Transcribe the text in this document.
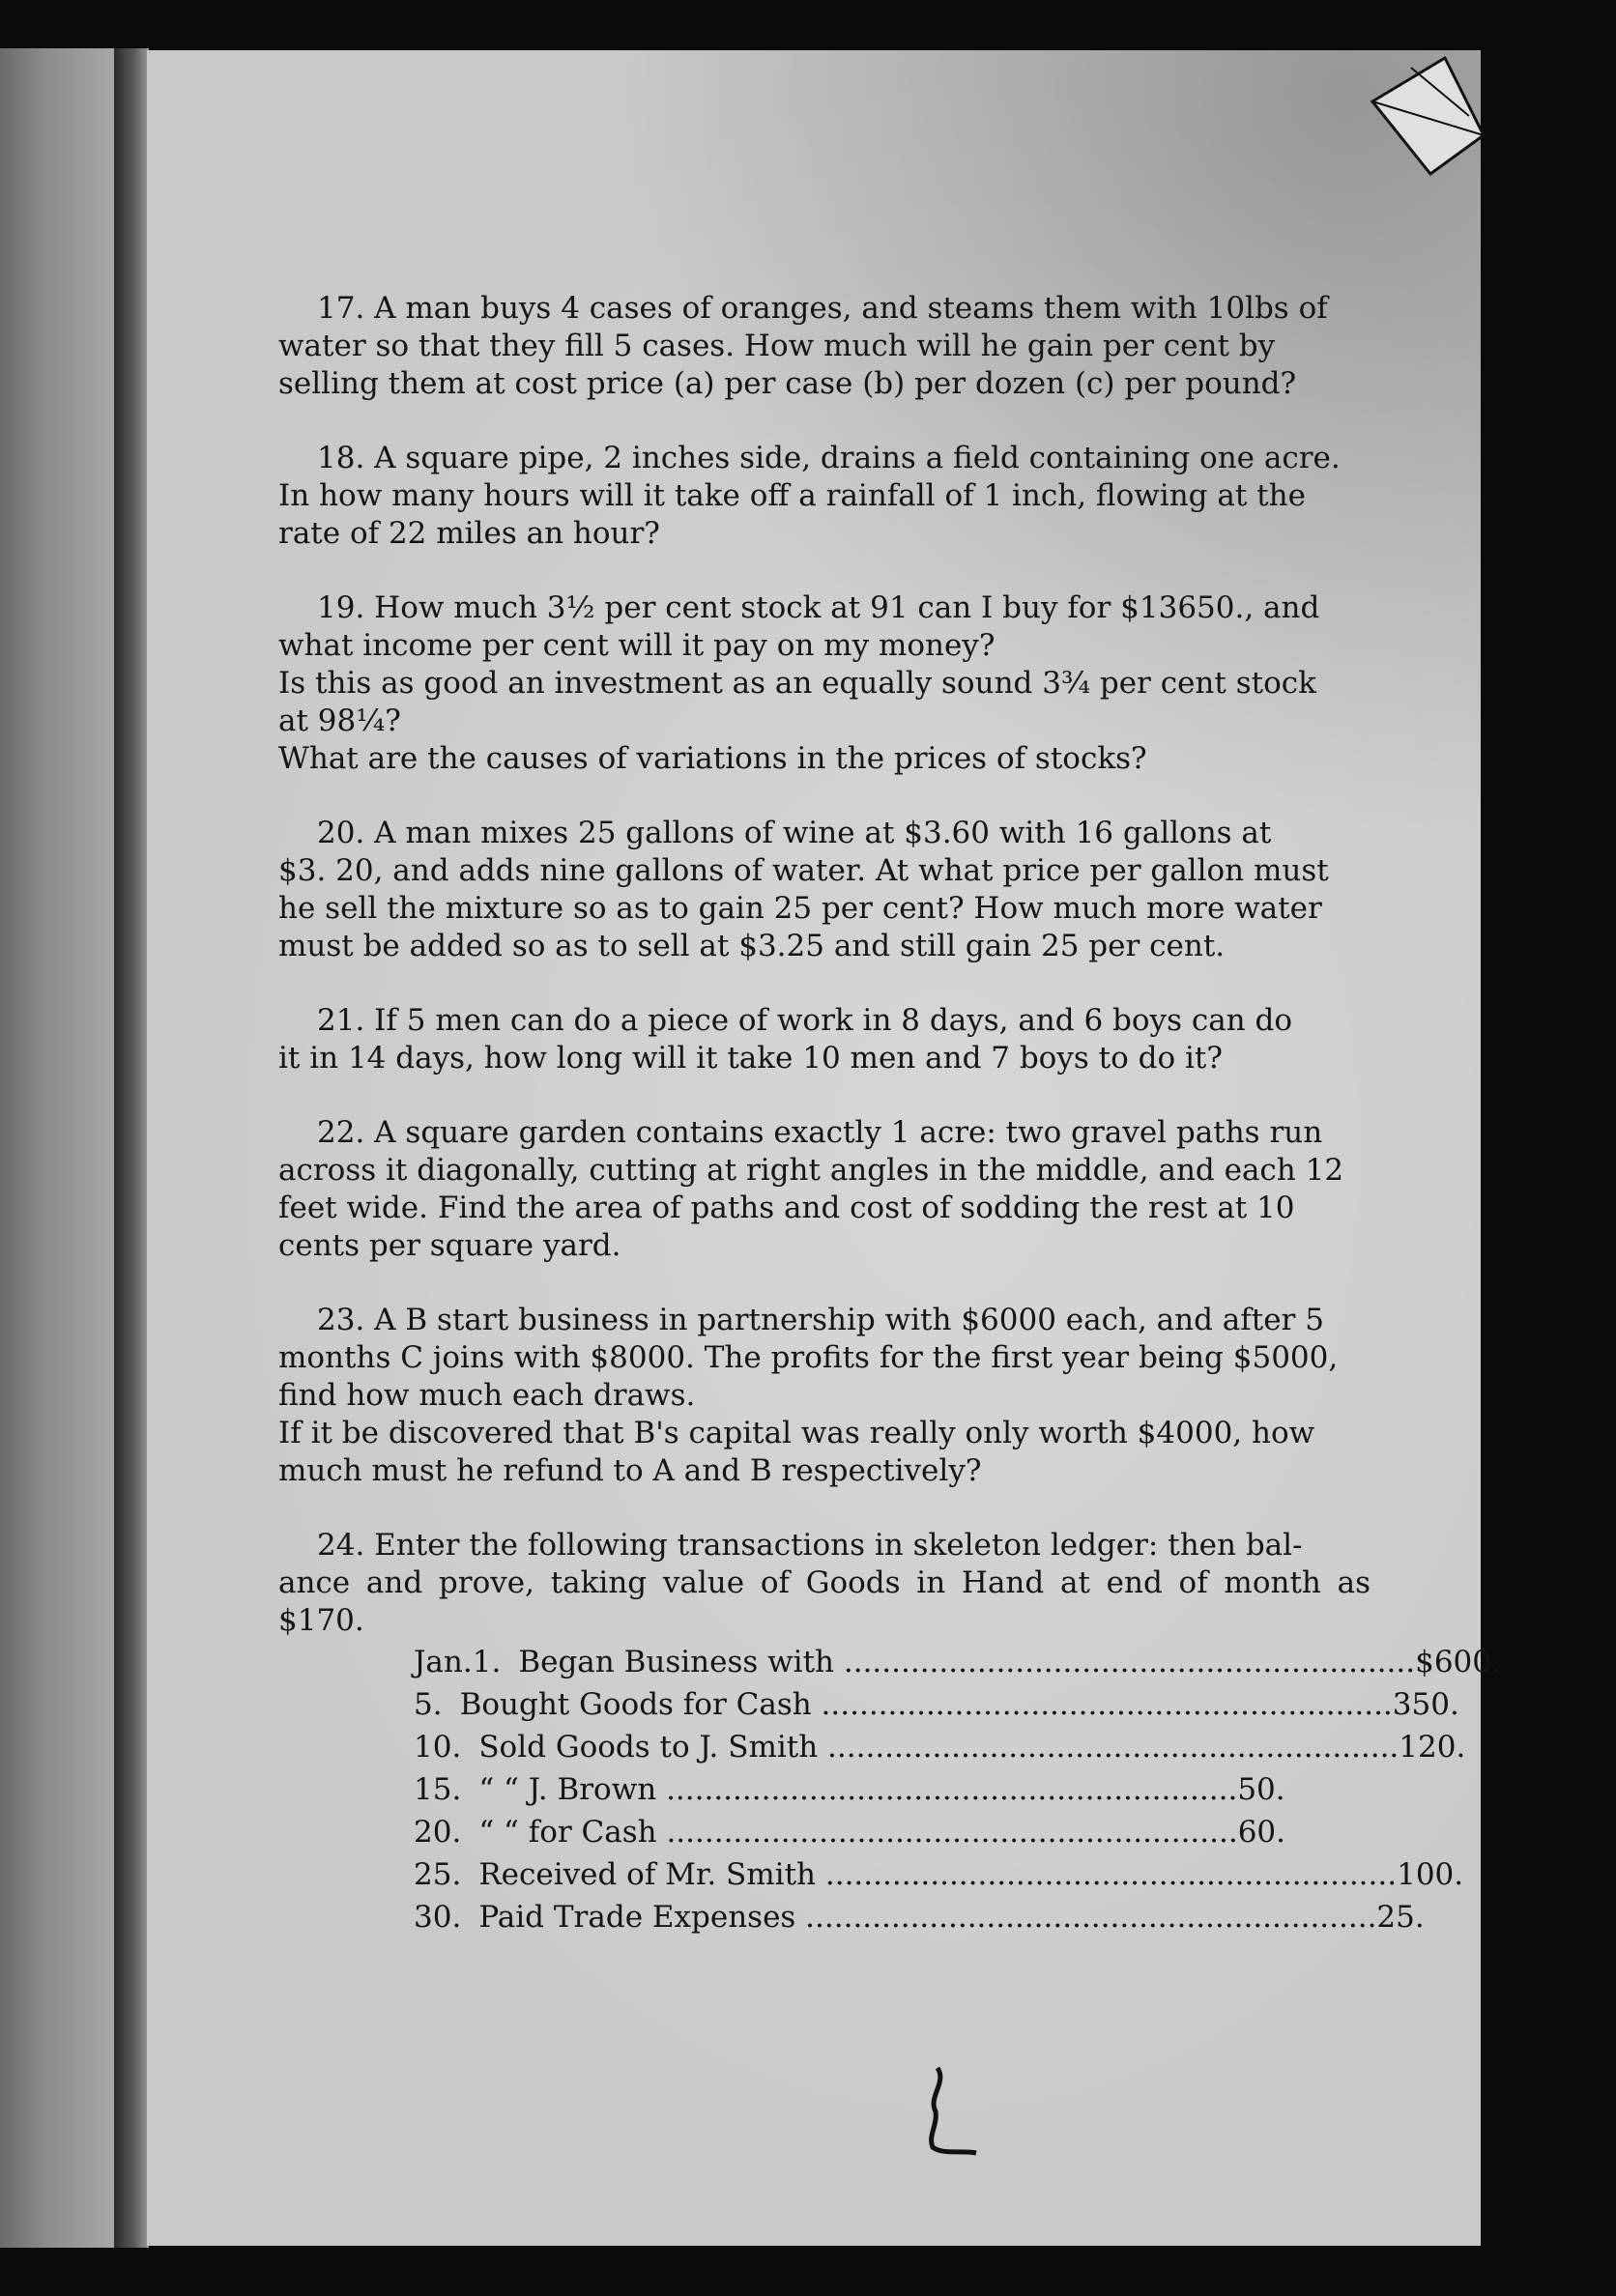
17. A man buys 4 cases of oranges, and steams them with 10lbs of

water so that they fill 5 cases. How much will he gain per cent by

selling them at cost price (a) per case (b) per dozen (c) per pound?

18. A square pipe, 2 inches side, drains a field containing one acre.

In how many hours will it take off a rainfall of 1 inch, flowing at the

rate of 22 miles an hour?

19. How much 3½ per cent stock at 91 can I buy for $13650., and

what income per cent will it pay on my money?

Is this as good an investment as an equally sound 3¾ per cent stock

at 98¼?

What are the causes of variations in the prices of stocks?

20. A man mixes 25 gallons of wine at $3.60 with 16 gallons at

$3. 20, and adds nine gallons of water. At what price per gallon must

he sell the mixture so as to gain 25 per cent? How much more water

must be added so as to sell at $3.25 and still gain 25 per cent.

21. If 5 men can do a piece of work in 8 days, and 6 boys can do

it in 14 days, how long will it take 10 men and 7 boys to do it?

22. A square garden contains exactly 1 acre: two gravel paths run

across it diagonally, cutting at right angles in the middle, and each 12

feet wide. Find the area of paths and cost of sodding the rest at 10

cents per square yard.

23. A B start business in partnership with $6000 each, and after 5

months C joins with $8000. The profits for the first year being $5000,

find how much each draws.

If it be discovered that B's capital was really only worth $4000, how

much must he refund to A and B respectively?

24. Enter the following transactions in skeleton ledger: then bal-

ance and prove, taking value of Goods in Hand at end of month as $170.

Jan. 1. Began Business with ............................................................ $600.
5. Bought Goods for Cash ............................................................ 350.
10. Sold Goods to J. Smith ............................................................ 120.
15. “ “ J. Brown ............................................................ 50.
20. “ “ for Cash ............................................................ 60.
25. Received of Mr. Smith ............................................................ 100.
30. Paid Trade Expenses ............................................................ 25.
